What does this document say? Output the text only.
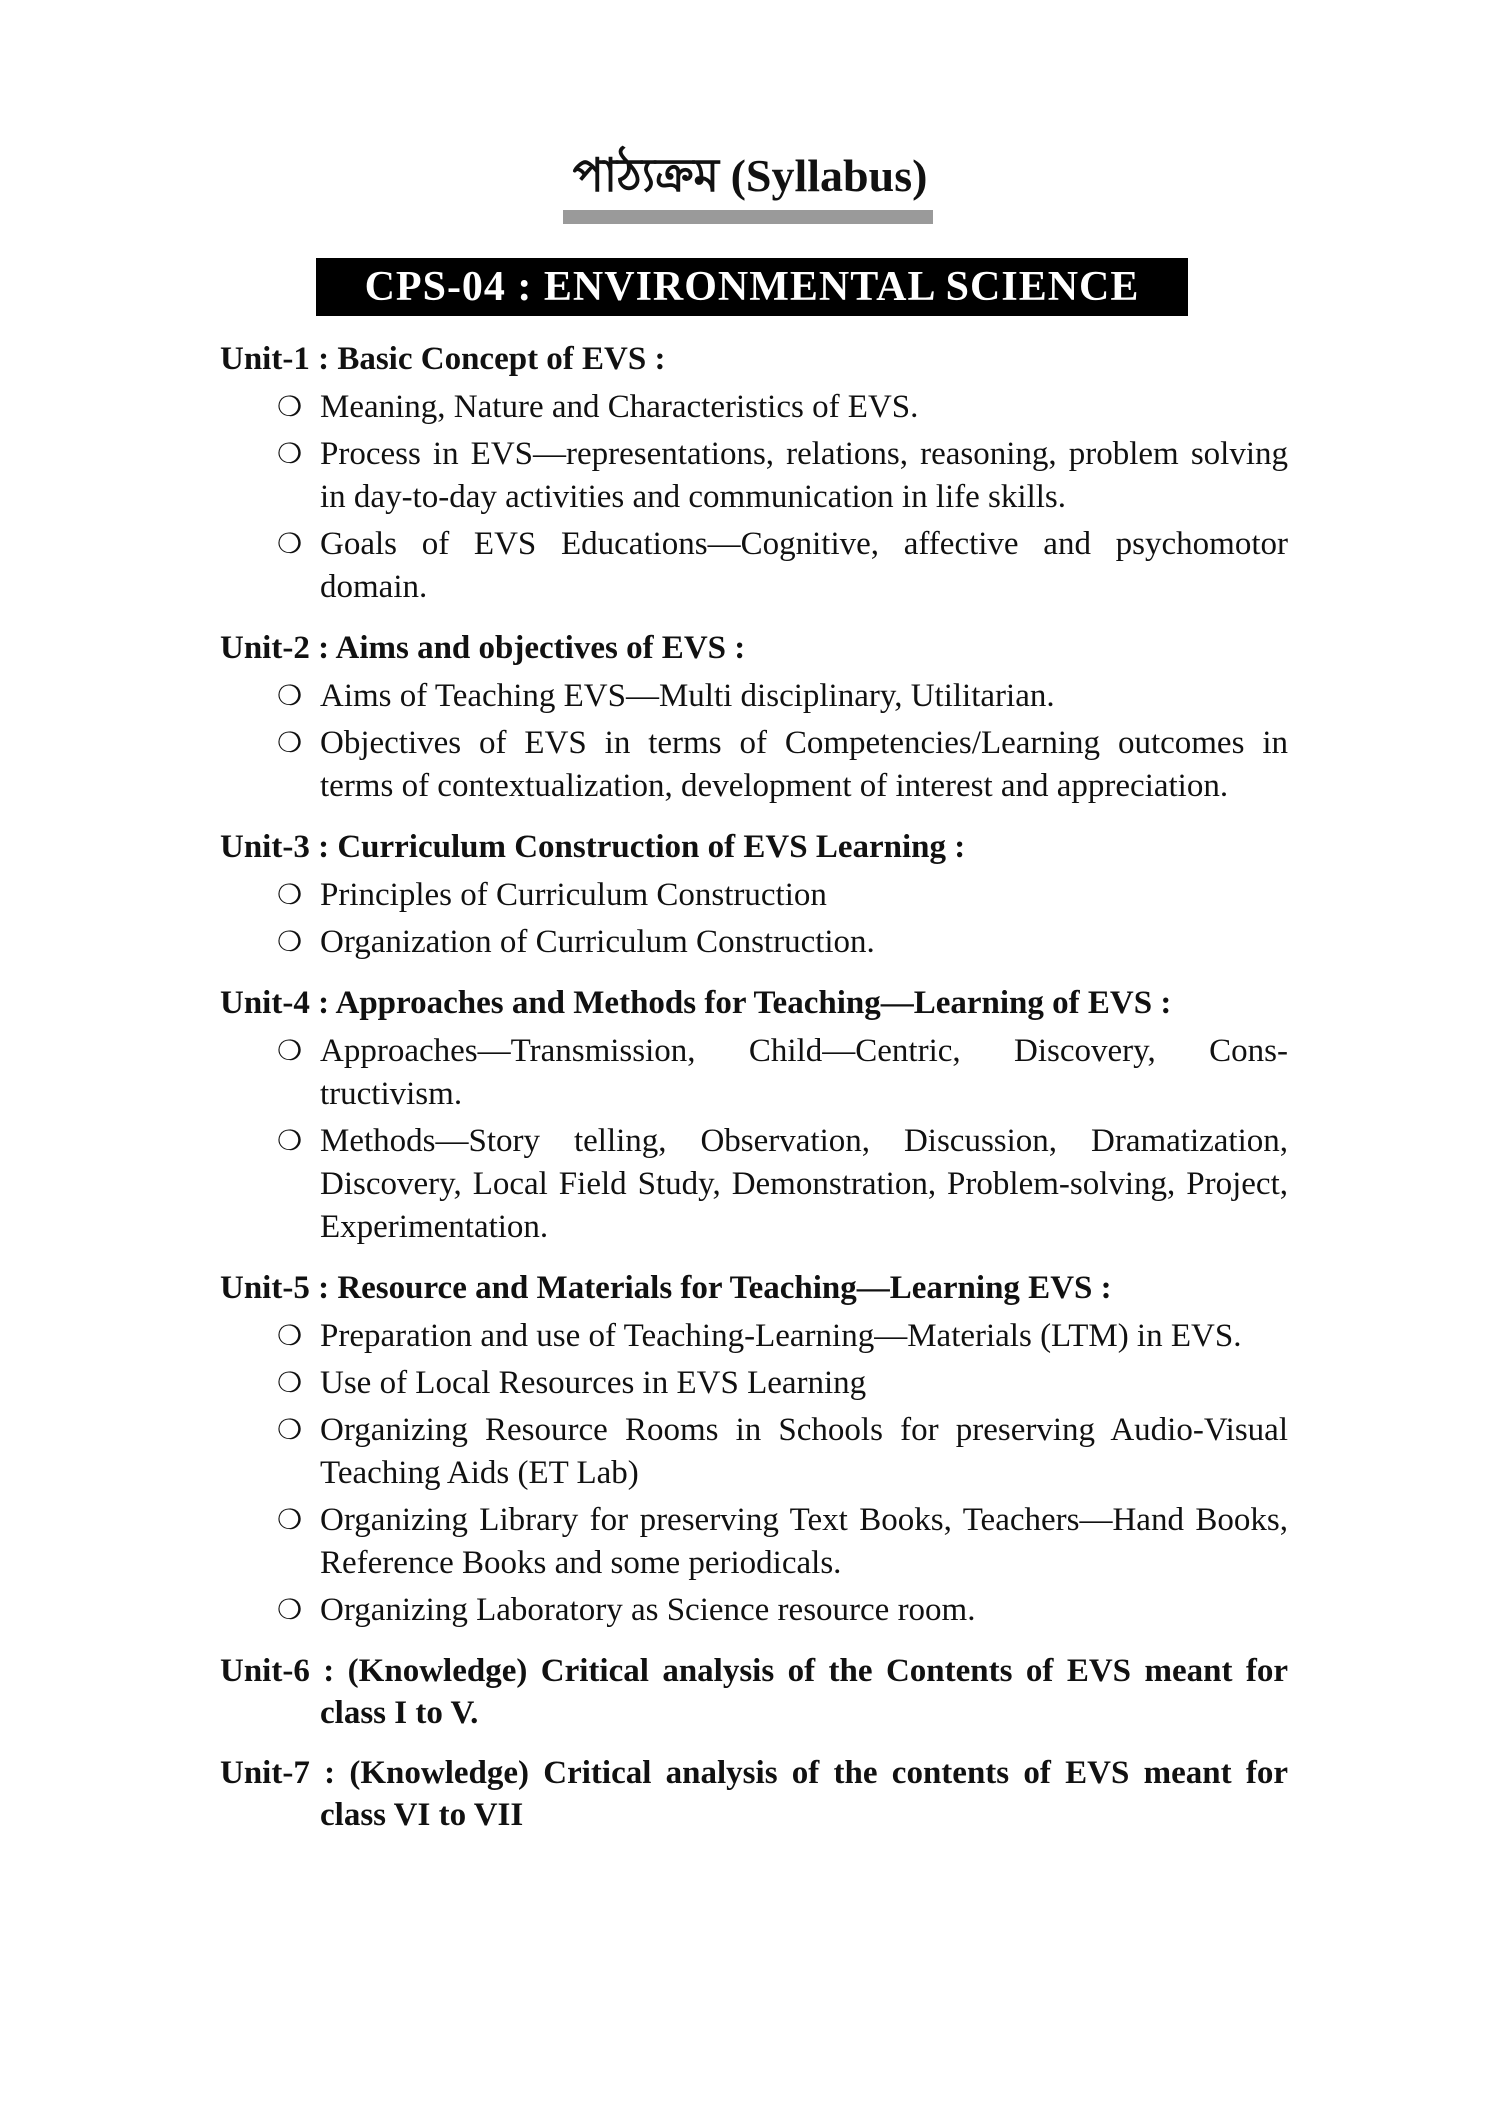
পাঠ্যক্রম (Syllabus)
CPS-04 : ENVIRONMENTAL SCIENCE
Unit-1 : Basic Concept of EVS :
❍ Meaning, Nature and Characteristics of EVS.
❍ Process in EVS—representations, relations, reasoning, problem solving in day-to-day activities and communication in life skills.
❍ Goals of EVS Educations—Cognitive, affective and psychomotor domain.
Unit-2 : Aims and objectives of EVS :
❍ Aims of Teaching EVS—Multi disciplinary, Utilitarian.
❍ Objectives of EVS in terms of Competencies/Learning outcomes in terms of contextualization, development of interest and appreciation.
Unit-3 : Curriculum Construction of EVS Learning :
❍ Principles of Curriculum Construction
❍ Organization of Curriculum Construction.
Unit-4 : Approaches and Methods for Teaching—Learning of EVS :
❍ Approaches—Transmission, Child—Centric, Discovery, Cons-tructivism.
❍ Methods—Story telling, Observation, Discussion, Dramatization, Discovery, Local Field Study, Demonstration, Problem-solving, Project, Experimentation.
Unit-5 : Resource and Materials for Teaching—Learning EVS :
❍ Preparation and use of Teaching-Learning—Materials (LTM) in EVS.
❍ Use of Local Resources in EVS Learning
❍ Organizing Resource Rooms in Schools for preserving Audio-Visual Teaching Aids (ET Lab)
❍ Organizing Library for preserving Text Books, Teachers—Hand Books, Reference Books and some periodicals.
❍ Organizing Laboratory as Science resource room.
Unit-6 : (Knowledge) Critical analysis of the Contents of EVS meant for class I to V.
Unit-7 : (Knowledge) Critical analysis of the contents of EVS meant for class VI to VII
